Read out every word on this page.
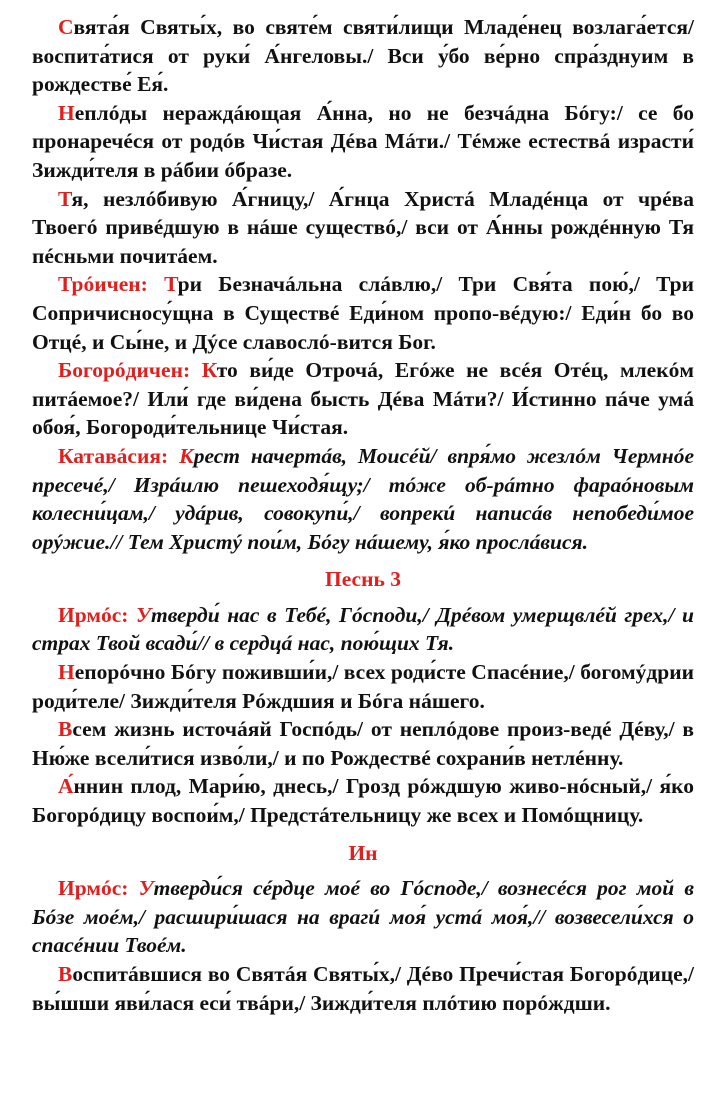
Свята́я Святы́х, во святе́м святи́лищи Младе́нец возлага́ется/ воспита́тися от руки́ А́нгеловы./ Вси у́бо ве́рно спра́зднуим в рождестве́ Ея́.

Неплóды нерaждáющая А́нна, но не безчáдна Бóгу:/ се бо пронаречéся от родóв Чи́стая Дéва Мáти./ Тéмже естествá израсти́ Зижди́теля в рáбии óбразе.

Тя, незлóбивую А́гницу,/ А́гнца Христá Младéнца от чрéва Твоегó привéдшую в нáше существó,/ вси от А́нны рождéнную Тя пéсньми почитáем.

Трóичен: Три Безначáльна слáвлю,/ Три Свя́та пою́,/ Три Сопричисносу́щна в Существé Еди́ном пропо-вéдую:/ Еди́н бо во Отцé, и Сы́не, и Дýсе славослó-вится Бог.

Богорóдичен: Кто ви́де Отрочá, Егóже не всéя Отéц, млекóм питáемое?/ Или́ где ви́дена бысть Дéва Мáти?/ И́стинно пáче умá обоя́, Богороди́тельнице Чи́стая.

Катавáсия: Крест начертáв, Моисéй/ впря́мо жезлóм Чермнóе пресечé,/ Изрáилю пешеходя́щу;/ тóже об-рáтно фараóновым колесни́цам,/ удáрив, совокупи́,/ вопрекú написáв непобеди́мое орýжие.// Тем Христý пои́м, Бóгу нáшему, я́ко прослáвися.

Песнь 3

Ирмóс: Утверди́ нас в Тебé, Гóсподи,/ Дрéвом умерщвлéй грех,/ и страх Твой всади́// в сердцá нас, пою́щих Тя.

Непорóчно Бóгу поживши́и,/ всех роди́сте Спасéние,/ богомýдрии роди́теле/ Зижди́теля Рóждшия и Бóга нáшего.

Всем жизнь источáяй Госпóдь/ от неплóдове произ-ведé Дéву,/ в Ню́же всели́тися изво́ли,/ и по Рождествé сохрани́в нетлéнну.

А́ннин плод, Мари́ю, днесь,/ Грозд рóждшую живо-нóсный,/ я́ко Богорóдицу воспои́м,/ Предстáтельницу же всех и Помóщницу.

Ин

Ирмóс: Утверди́ся сéрдце моé во Гóсподе,/ вознесéся рог мой в Бóзе моéм,/ расшири́шася на врагú моя́ устá моя́,// возвесели́хся о спасéнии Твоéм.

Воспитáвшися во Святáя Святы́х,/ Дéво Пречи́стая Богорóдице,/ вы́шши яви́лася еси́ твáри,/ Зижди́теля плóтию порóждши.
